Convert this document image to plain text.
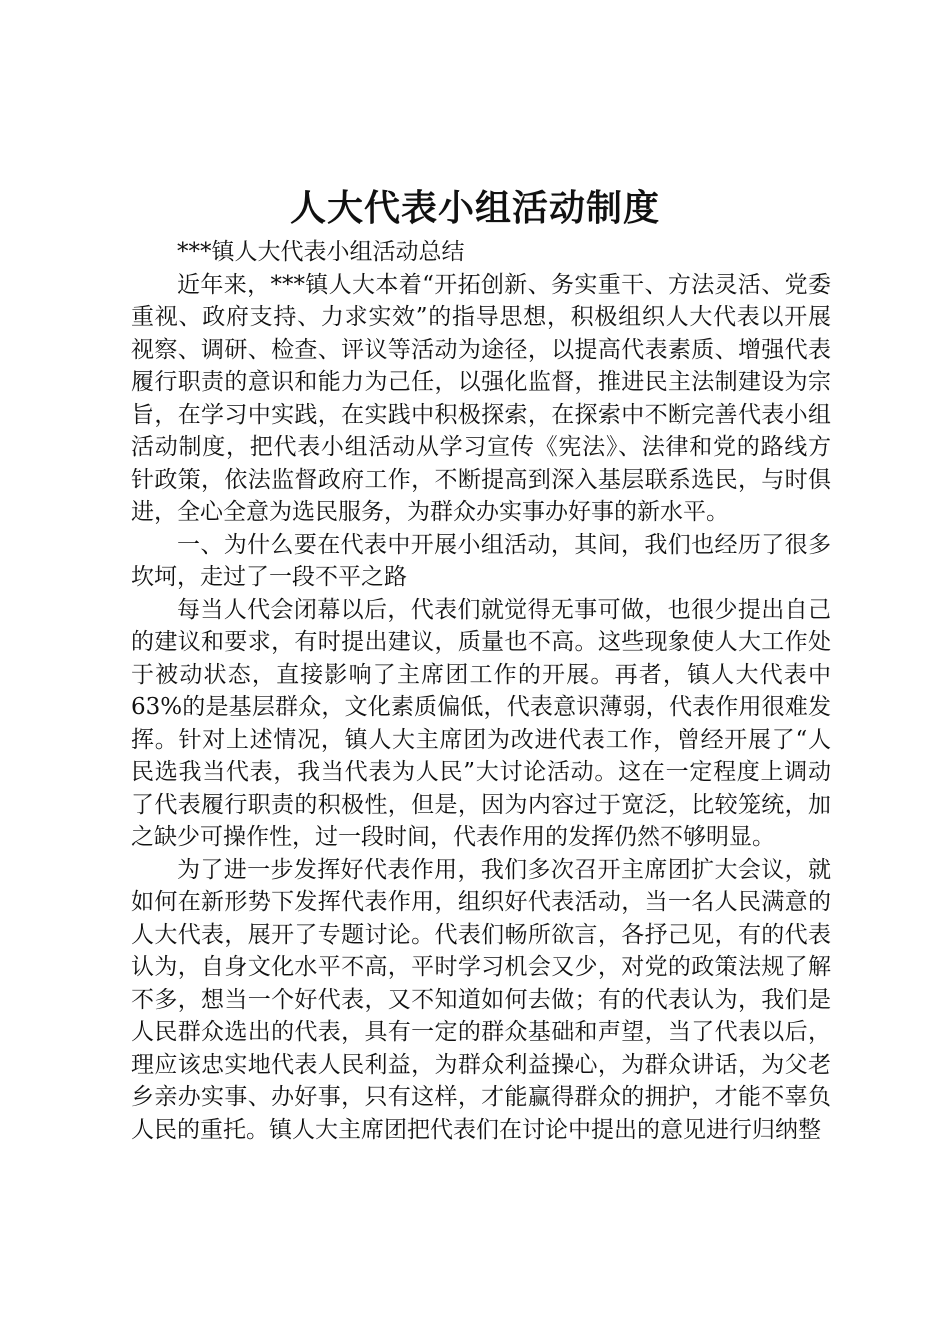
人大代表小组活动制度

***镇人大代表小组活动总结

近年来，***镇人大本着“开拓创新、务实重干、方法灵活、党委重视、政府支持、力求实效”的指导思想，积极组织人大代表以开展视察、调研、检查、评议等活动为途径，以提高代表素质、增强代表履行职责的意识和能力为己任，以强化监督，推进民主法制建设为宗旨，在学习中实践，在实践中积极探索，在探索中不断完善代表小组活动制度，把代表小组活动从学习宣传《宪法》、法律和党的路线方针政策，依法监督政府工作，不断提高到深入基层联系选民，与时俱进，全心全意为选民服务，为群众办实事办好事的新水平。

一、为什么要在代表中开展小组活动，其间，我们也经历了很多坎坷，走过了一段不平之路

每当人代会闭幕以后，代表们就觉得无事可做，也很少提出自己的建议和要求，有时提出建议，质量也不高。这些现象使人大工作处于被动状态，直接影响了主席团工作的开展。再者，镇人大代表中63%的是基层群众，文化素质偏低，代表意识薄弱，代表作用很难发挥。针对上述情况，镇人大主席团为改进代表工作，曾经开展了“人民选我当代表，我当代表为人民”大讨论活动。这在一定程度上调动了代表履行职责的积极性，但是，因为内容过于宽泛，比较笼统，加之缺少可操作性，过一段时间，代表作用的发挥仍然不够明显。

为了进一步发挥好代表作用，我们多次召开主席团扩大会议，就如何在新形势下发挥代表作用，组织好代表活动，当一名人民满意的人大代表，展开了专题讨论。代表们畅所欲言，各抒己见，有的代表认为，自身文化水平不高，平时学习机会又少，对党的政策法规了解不多，想当一个好代表，又不知道如何去做；有的代表认为，我们是人民群众选出的代表，具有一定的群众基础和声望，当了代表以后，理应该忠实地代表人民利益，为群众利益操心，为群众讲话，为父老乡亲办实事、办好事，只有这样，才能赢得群众的拥护，才能不辜负人民的重托。镇人大主席团把代表们在讨论中提出的意见进行归纳整
